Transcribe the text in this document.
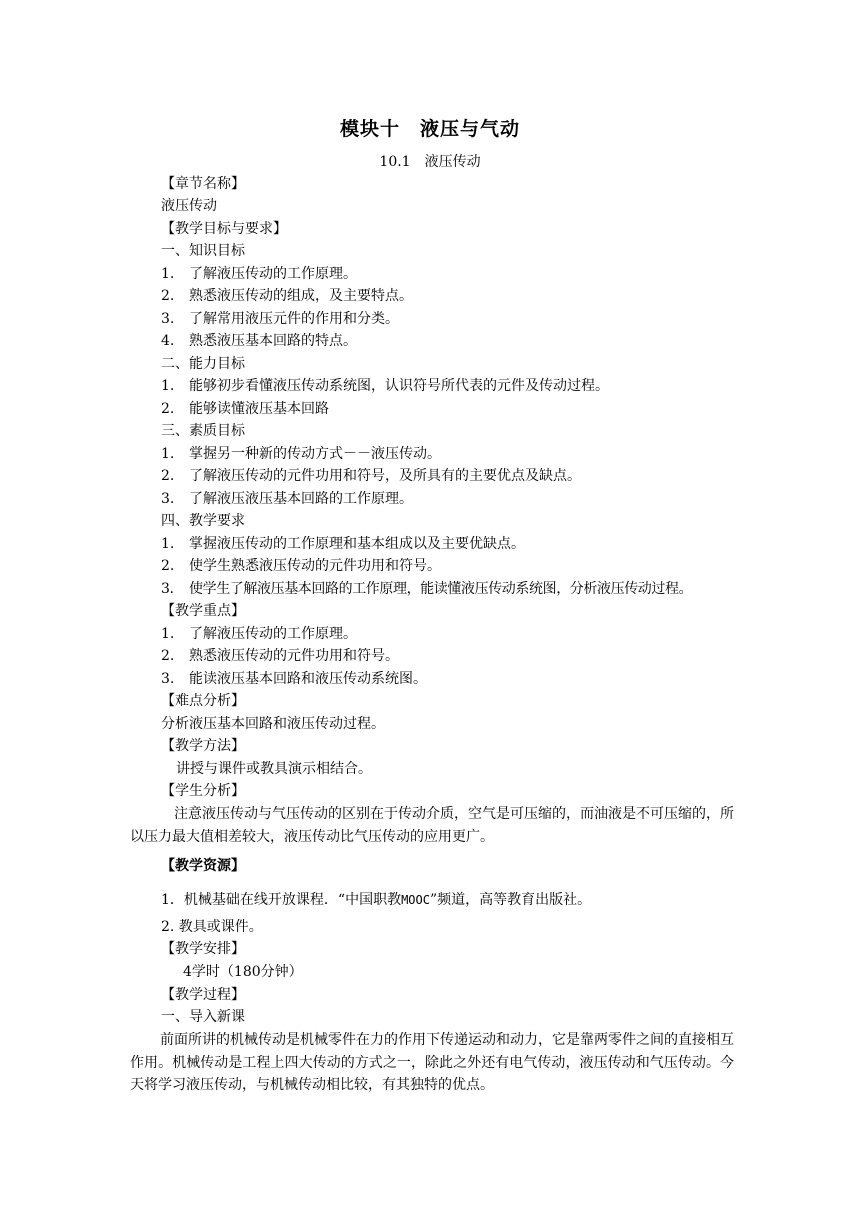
模块十　液压与气动
10.1　液压传动
【章节名称】
液压传动
【教学目标与要求】
一、知识目标
1. 了解液压传动的工作原理。
2. 熟悉液压传动的组成，及主要特点。
3. 了解常用液压元件的作用和分类。
4. 熟悉液压基本回路的特点。
二、能力目标
1. 能够初步看懂液压传动系统图，认识符号所代表的元件及传动过程。
2. 能够读懂液压基本回路
三、素质目标
1. 掌握另一种新的传动方式－－液压传动。
2. 了解液压传动的元件功用和符号，及所具有的主要优点及缺点。
3. 了解液压液压基本回路的工作原理。
四、教学要求
1. 掌握液压传动的工作原理和基本组成以及主要优缺点。
2. 使学生熟悉液压传动的元件功用和符号。
3. 使学生了解液压基本回路的工作原理，能读懂液压传动系统图，分析液压传动过程。
【教学重点】
1. 了解液压传动的工作原理。
2. 熟悉液压传动的元件功用和符号。
3. 能读液压基本回路和液压传动系统图。
【难点分析】
分析液压基本回路和液压传动过程。
【教学方法】
讲授与课件或教具演示相结合。
【学生分析】
注意液压传动与气压传动的区别在于传动介质，空气是可压缩的，而油液是不可压缩的，所以压力最大值相差较大，液压传动比气压传动的应用更广。
【教学资源】
1．机械基础在线开放课程．“中国职教MOOC”频道，高等教育出版社。
2. 教具或课件。
【教学安排】
4学时（180分钟）
【教学过程】
一、导入新课
前面所讲的机械传动是机械零件在力的作用下传递运动和动力，它是靠两零件之间的直接相互作用。机械传动是工程上四大传动的方式之一，除此之外还有电气传动，液压传动和气压传动。今天将学习液压传动，与机械传动相比较，有其独特的优点。
